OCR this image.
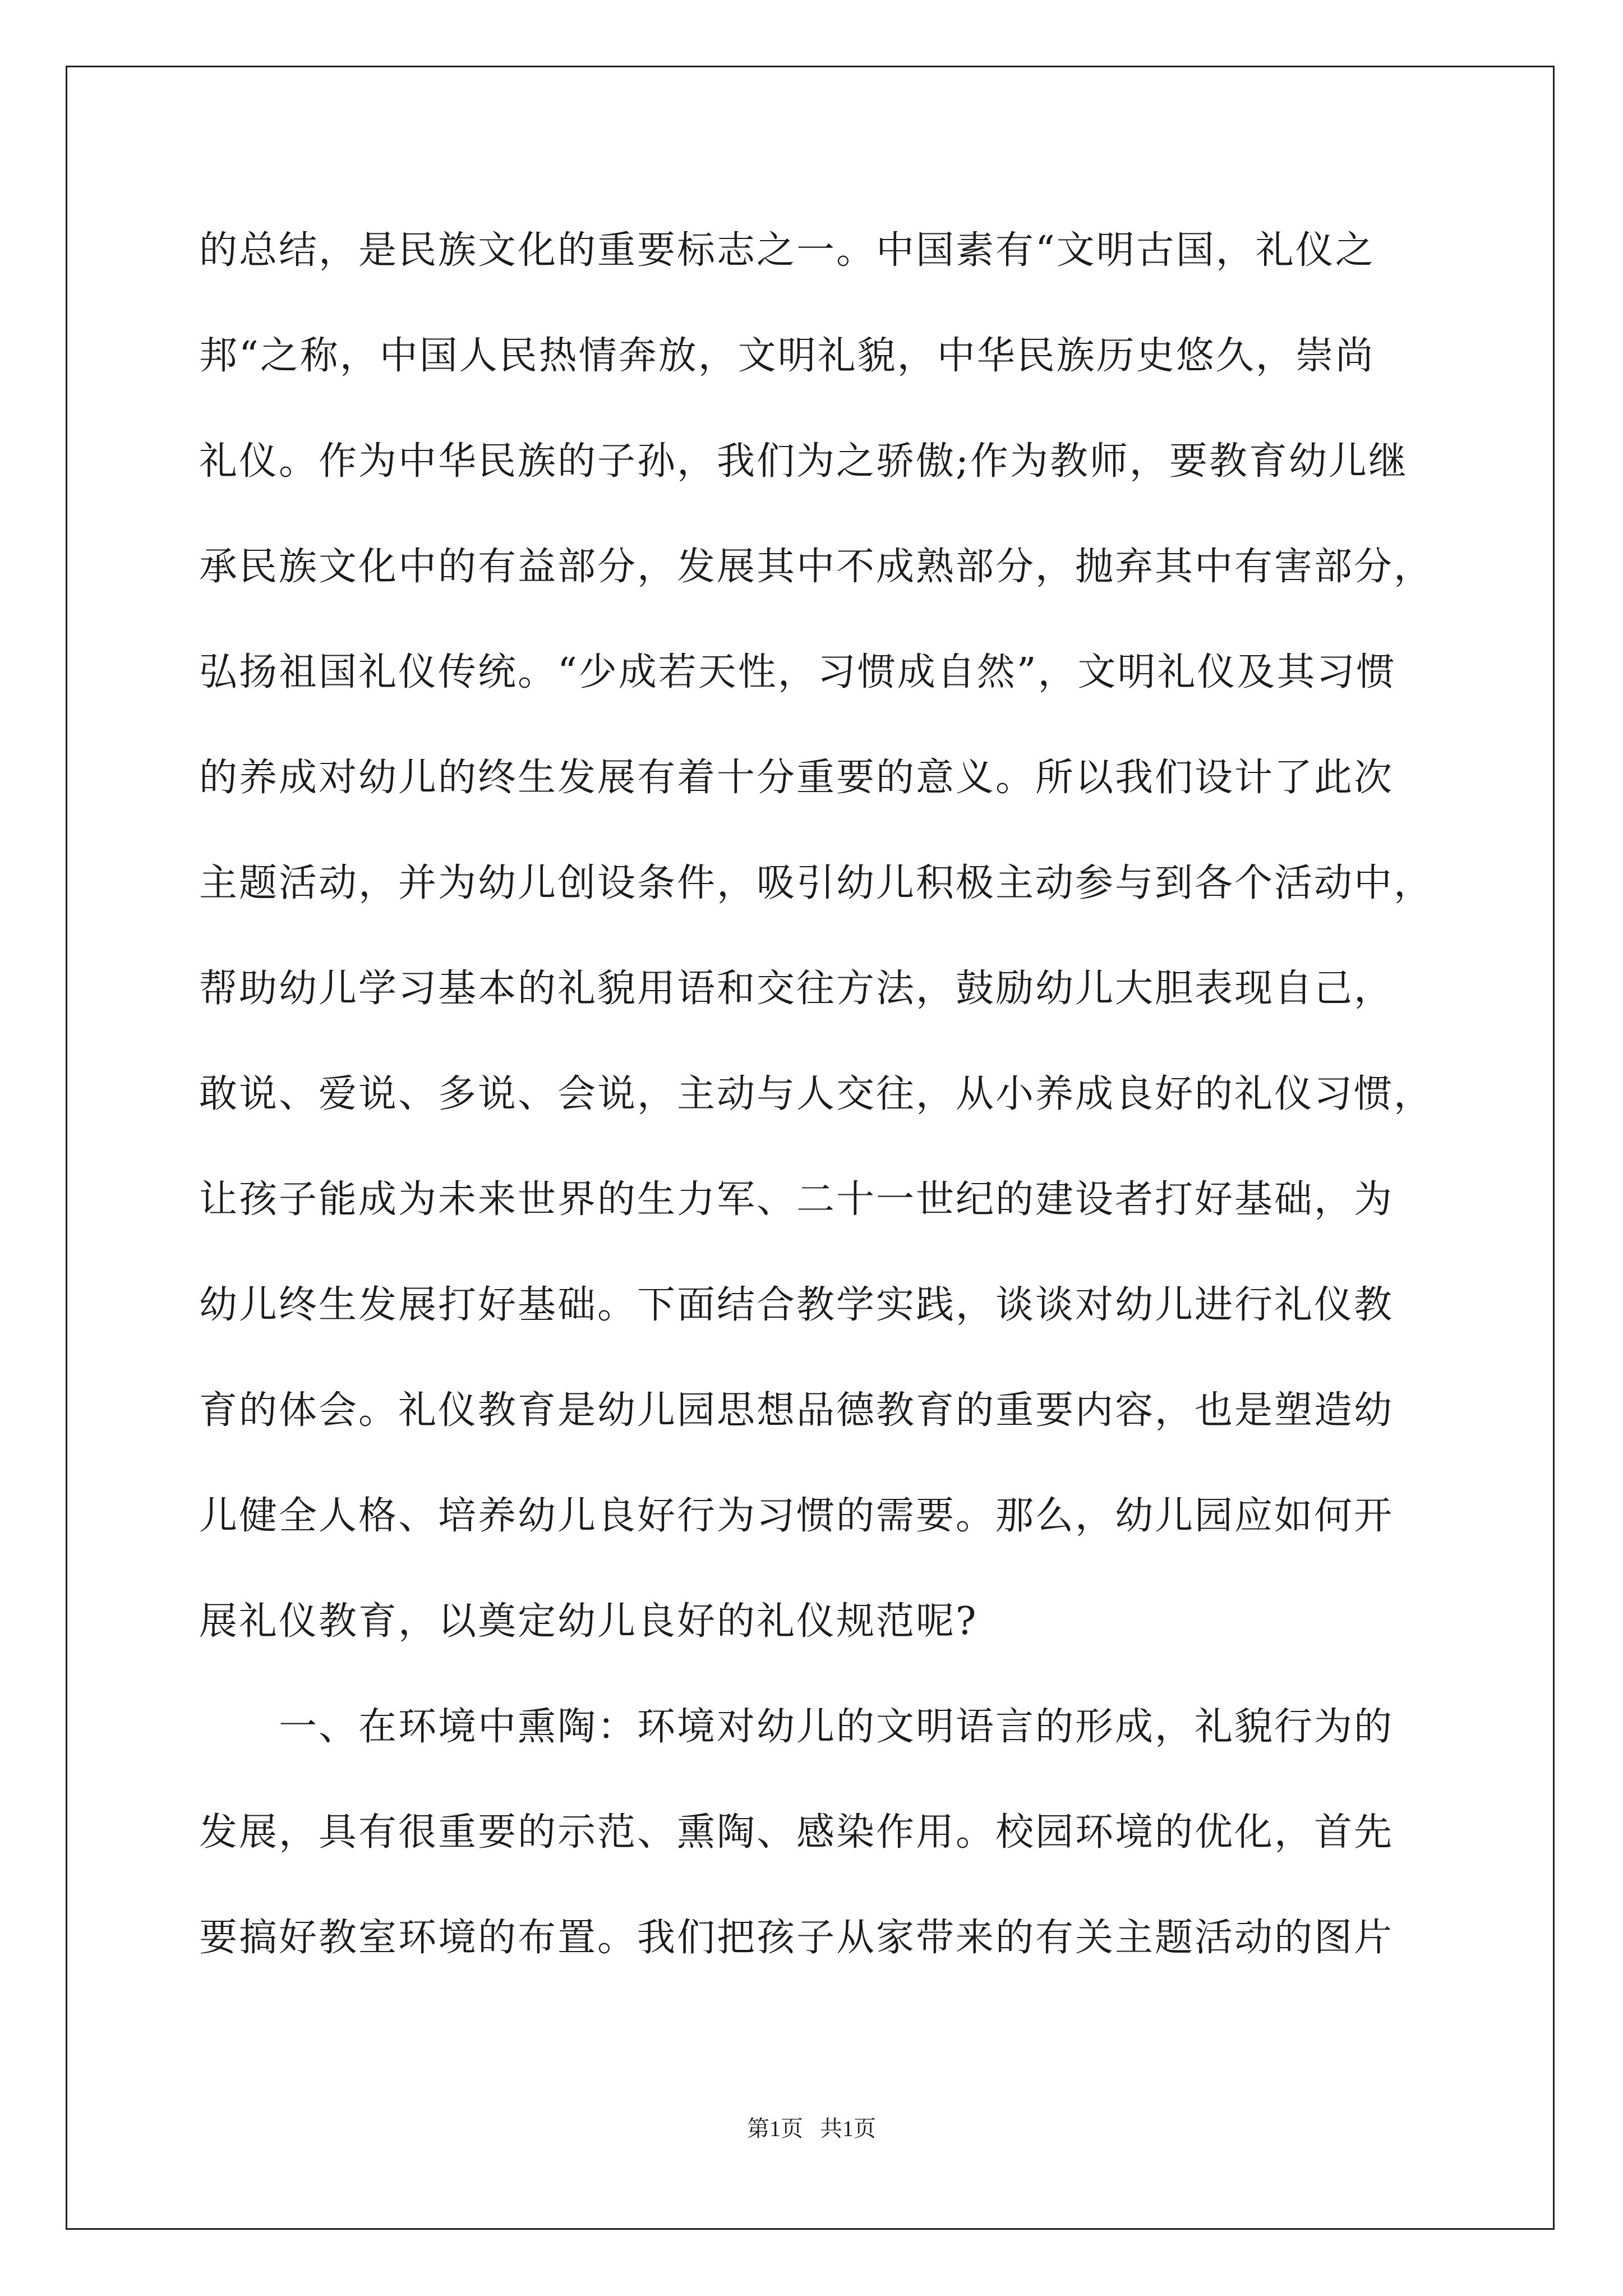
的总结，是民族文化的重要标志之一。中国素有“文明古国，礼仪之
邦“之称，中国人民热情奔放，文明礼貌，中华民族历史悠久，崇尚
礼仪。作为中华民族的子孙，我们为之骄傲;作为教师，要教育幼儿继
承民族文化中的有益部分，发展其中不成熟部分，抛弃其中有害部分，
弘扬祖国礼仪传统。“少成若天性，习惯成自然”，文明礼仪及其习惯
的养成对幼儿的终生发展有着十分重要的意义。所以我们设计了此次
主题活动，并为幼儿创设条件，吸引幼儿积极主动参与到各个活动中，
帮助幼儿学习基本的礼貌用语和交往方法，鼓励幼儿大胆表现自己，
敢说、爱说、多说、会说，主动与人交往，从小养成良好的礼仪习惯，
让孩子能成为未来世界的生力军、二十一世纪的建设者打好基础，为
幼儿终生发展打好基础。下面结合教学实践，谈谈对幼儿进行礼仪教
育的体会。礼仪教育是幼儿园思想品德教育的重要内容，也是塑造幼
儿健全人格、培养幼儿良好行为习惯的需要。那么，幼儿园应如何开
展礼仪教育，以奠定幼儿良好的礼仪规范呢?
　　一、在环境中熏陶：环境对幼儿的文明语言的形成，礼貌行为的
发展，具有很重要的示范、熏陶、感染作用。校园环境的优化，首先
要搞好教室环境的布置。我们把孩子从家带来的有关主题活动的图片
第1页   共1页
